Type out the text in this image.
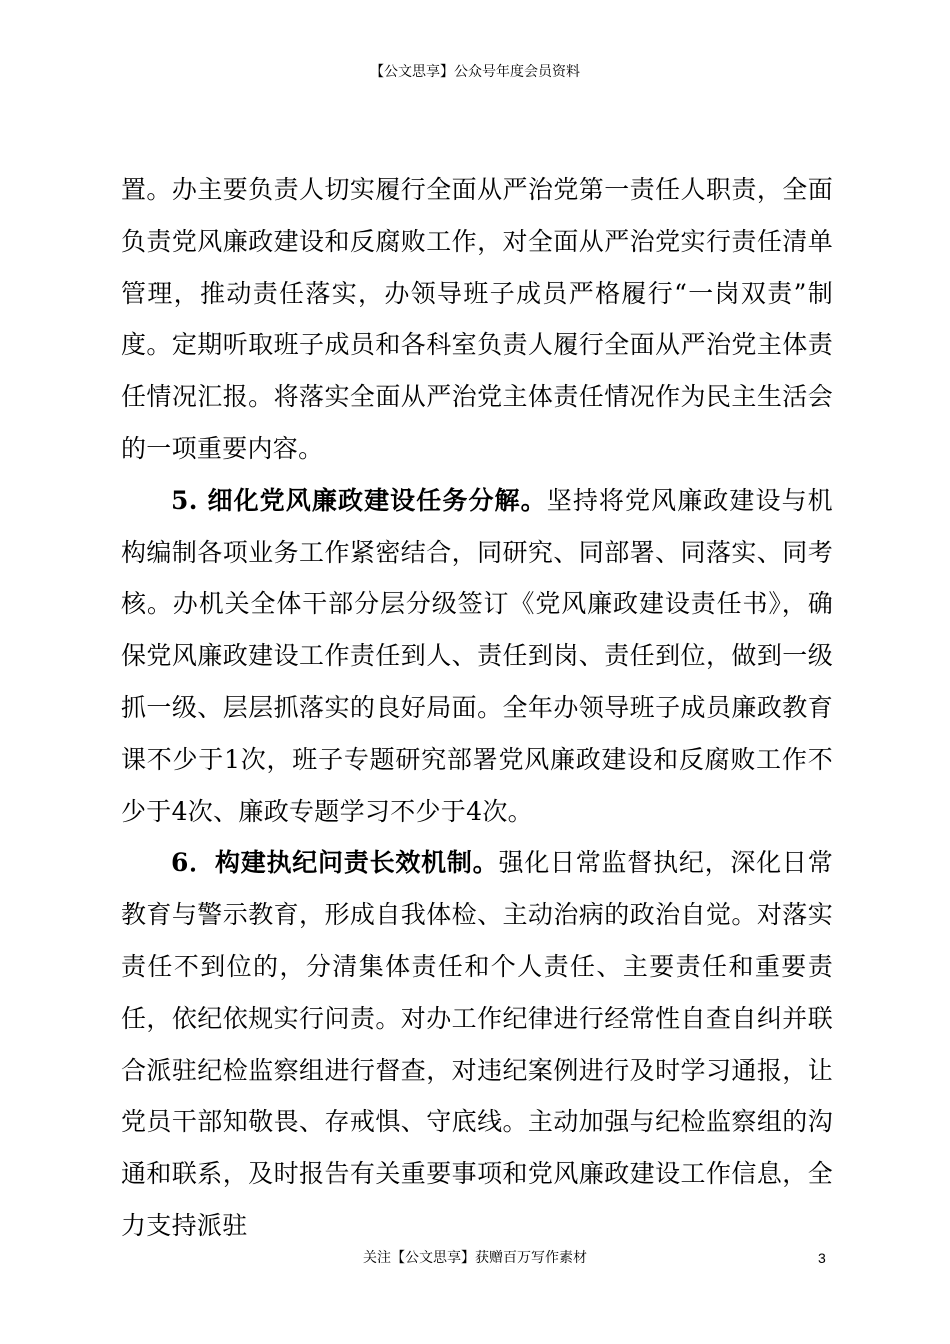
【公文思享】公众号年度会员资料

置。办主要负责人切实履行全面从严治党第一责任人职责，全面负责党风廉政建设和反腐败工作，对全面从严治党实行责任清单管理，推动责任落实，办领导班子成员严格履行“一岗双责”制度。定期听取班子成员和各科室负责人履行全面从严治党主体责任情况汇报。将落实全面从严治党主体责任情况作为民主生活会的一项重要内容。

5. 细化党风廉政建设任务分解。坚持将党风廉政建设与机构编制各项业务工作紧密结合，同研究、同部署、同落实、同考核。办机关全体干部分层分级签订《党风廉政建设责任书》，确保党风廉政建设工作责任到人、责任到岗、责任到位，做到一级抓一级、层层抓落实的良好局面。全年办领导班子成员廉政教育课不少于1次，班子专题研究部署党风廉政建设和反腐败工作不少于4次、廉政专题学习不少于4次。

6．构建执纪问责长效机制。强化日常监督执纪，深化日常教育与警示教育，形成自我体检、主动治病的政治自觉。对落实责任不到位的，分清集体责任和个人责任、主要责任和重要责任，依纪依规实行问责。对办工作纪律进行经常性自查自纠并联合派驻纪检监察组进行督查，对违纪案例进行及时学习通报，让党员干部知敬畏、存戒惧、守底线。主动加强与纪检监察组的沟通和联系，及时报告有关重要事项和党风廉政建设工作信息，全力支持派驻

关注【公文思享】获赠百万写作素材	3
